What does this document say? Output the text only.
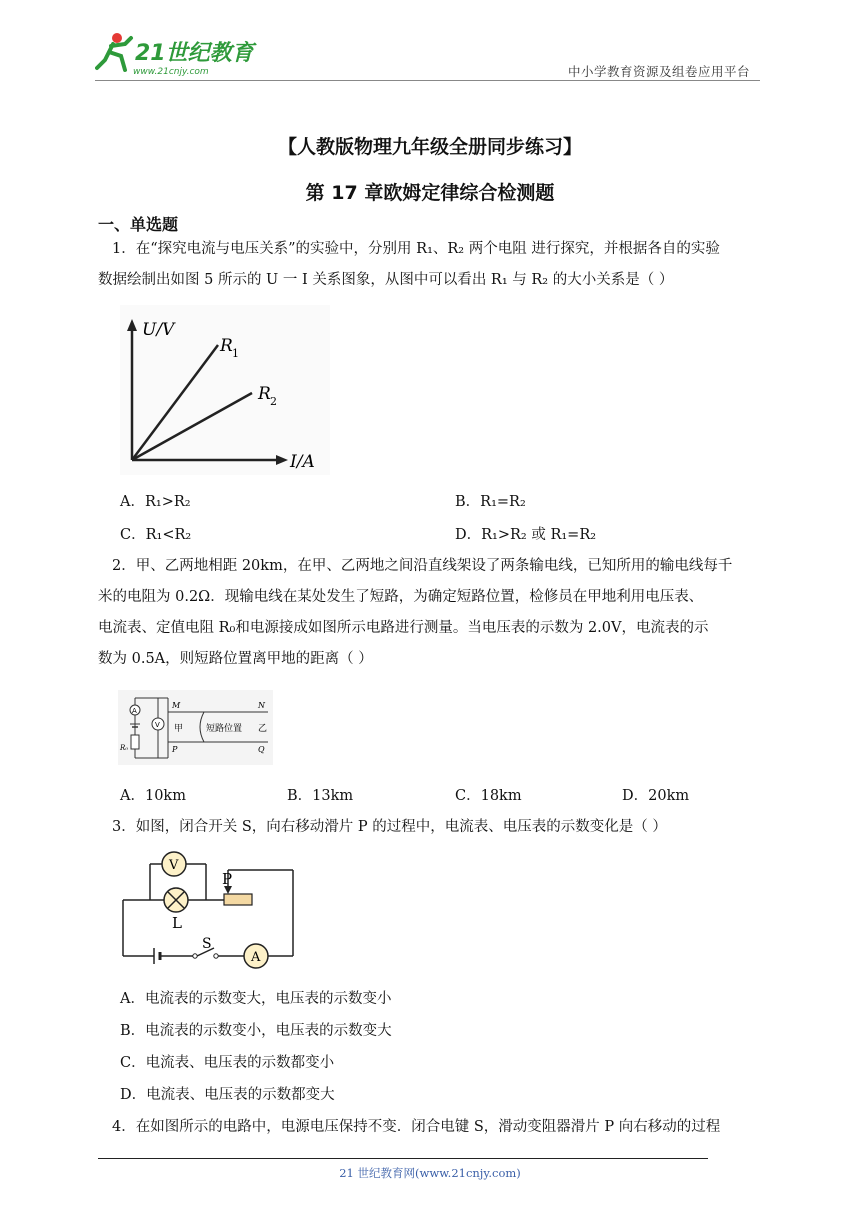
21世纪教育
www.21cnjy.com	中小学教育资源及组卷应用平台
【人教版物理九年级全册同步练习】
第 17 章欧姆定律综合检测题
一、单选题
1．在“探究电流与电压关系”的实验中，分别用 R₁、R₂ 两个电阻 进行探究，并根据各自的实验
数据绘制出如图 5 所示的 U 一 I 关系图象，从图中可以看出 R₁ 与 R₂ 的大小关系是（ ）
U/V
I/A
R 1
R 2
A．R₁>R₂	B．R₁=R₂
C．R₁<R₂	D．R₁>R₂ 或 R₁=R₂
2．甲、乙两地相距 20km，在甲、乙两地之间沿直线架设了两条输电线，已知所用的输电线每千
米的电阻为 0.2Ω．现输电线在某处发生了短路，为确定短路位置，检修员在甲地利用电压表、
电流表、定值电阻 R₀和电源接成如图所示电路进行测量。当电压表的示数为 2.0V，电流表的示
数为 0.5A，则短路位置离甲地的距离（ ）
A
R₀
V
M	N
P	Q
甲	乙
短路位置
A．10km	B．13km	C．18km	D．20km
3．如图，闭合开关 S，向右移动滑片 P 的过程中，电流表、电压表的示数变化是（ ）
A
V
L
P
S
A．电流表的示数变大，电压表的示数变小
B．电流表的示数变小，电压表的示数变大
C．电流表、电压表的示数都变小
D．电流表、电压表的示数都变大
4．在如图所示的电路中，电源电压保持不变．闭合电键 S，滑动变阻器滑片 P 向右移动的过程
21 世纪教育网(www.21cnjy.com)
